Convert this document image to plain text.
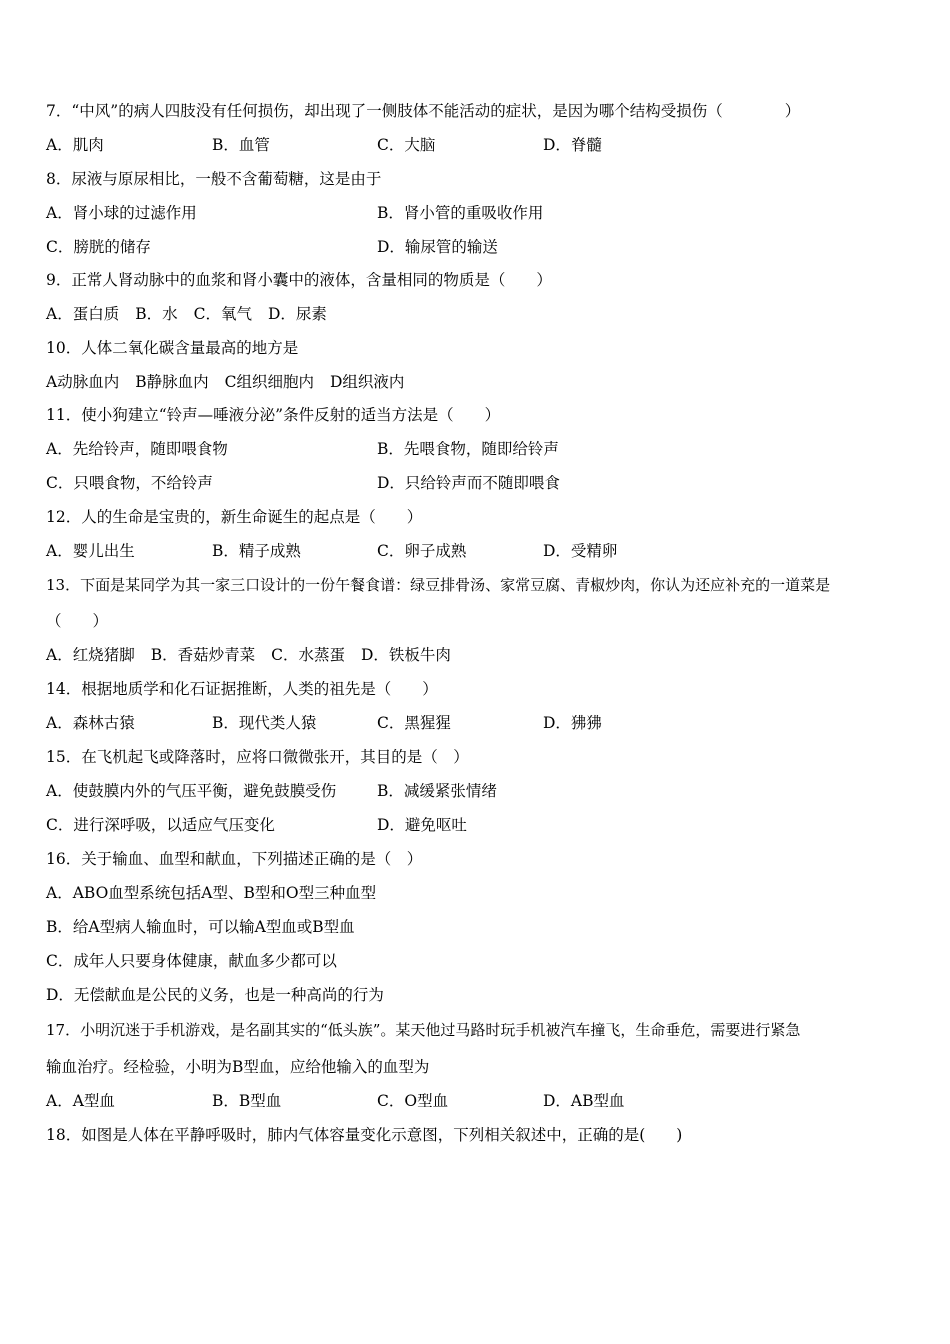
7．“中风”的病人四肢没有任何损伤，却出现了一侧肢体不能活动的症状，是因为哪个结构受损伤（　　　　）
A．肌肉	B．血管	C．大脑	D．脊髓
8．尿液与原尿相比，一般不含葡萄糖，这是由于
A．肾小球的过滤作用	B．肾小管的重吸收作用
C．膀胱的储存	D．输尿管的输送
9．正常人肾动脉中的血浆和肾小囊中的液体，含量相同的物质是（　　）
A．蛋白质 B．水 C．氧气 D．尿素
10．人体二氧化碳含量最高的地方是
A动脉血内 B静脉血内 C组织细胞内 D组织液内
11．使小狗建立“铃声—唾液分泌”条件反射的适当方法是（　　）
A．先给铃声，随即喂食物	B．先喂食物，随即给铃声
C．只喂食物，不给铃声	D．只给铃声而不随即喂食
12．人的生命是宝贵的，新生命诞生的起点是（　　）
A．婴儿出生	B．精子成熟	C．卵子成熟	D．受精卵
13．下面是某同学为其一家三口设计的一份午餐食谱：绿豆排骨汤、家常豆腐、青椒炒肉，你认为还应补充的一道菜是
（　　）
A．红烧猪脚 B．香菇炒青菜 C．水蒸蛋 D．铁板牛肉
14．根据地质学和化石证据推断，人类的祖先是（　　）
A．森林古猿	B．现代类人猿	C．黑猩猩	D．狒狒
15．在飞机起飞或降落时，应将口微微张开，其目的是（　）
A．使鼓膜内外的气压平衡，避免鼓膜受伤	B．减缓紧张情绪
C．进行深呼吸，以适应气压变化	D．避免呕吐
16．关于输血、血型和献血，下列描述正确的是（　）
A．ABO血型系统包括A型、B型和O型三种血型
B．给A型病人输血时，可以输A型血或B型血
C．成年人只要身体健康，献血多少都可以
D．无偿献血是公民的义务，也是一种高尚的行为
17．小明沉迷于手机游戏，是名副其实的“低头族”。某天他过马路时玩手机被汽车撞飞，生命垂危，需要进行紧急
输血治疗。经检验，小明为B型血，应给他输入的血型为
A．A型血	B．B型血	C．O型血	D．AB型血
18．如图是人体在平静呼吸时，肺内气体容量变化示意图，下列相关叙述中，正确的是(　　)
